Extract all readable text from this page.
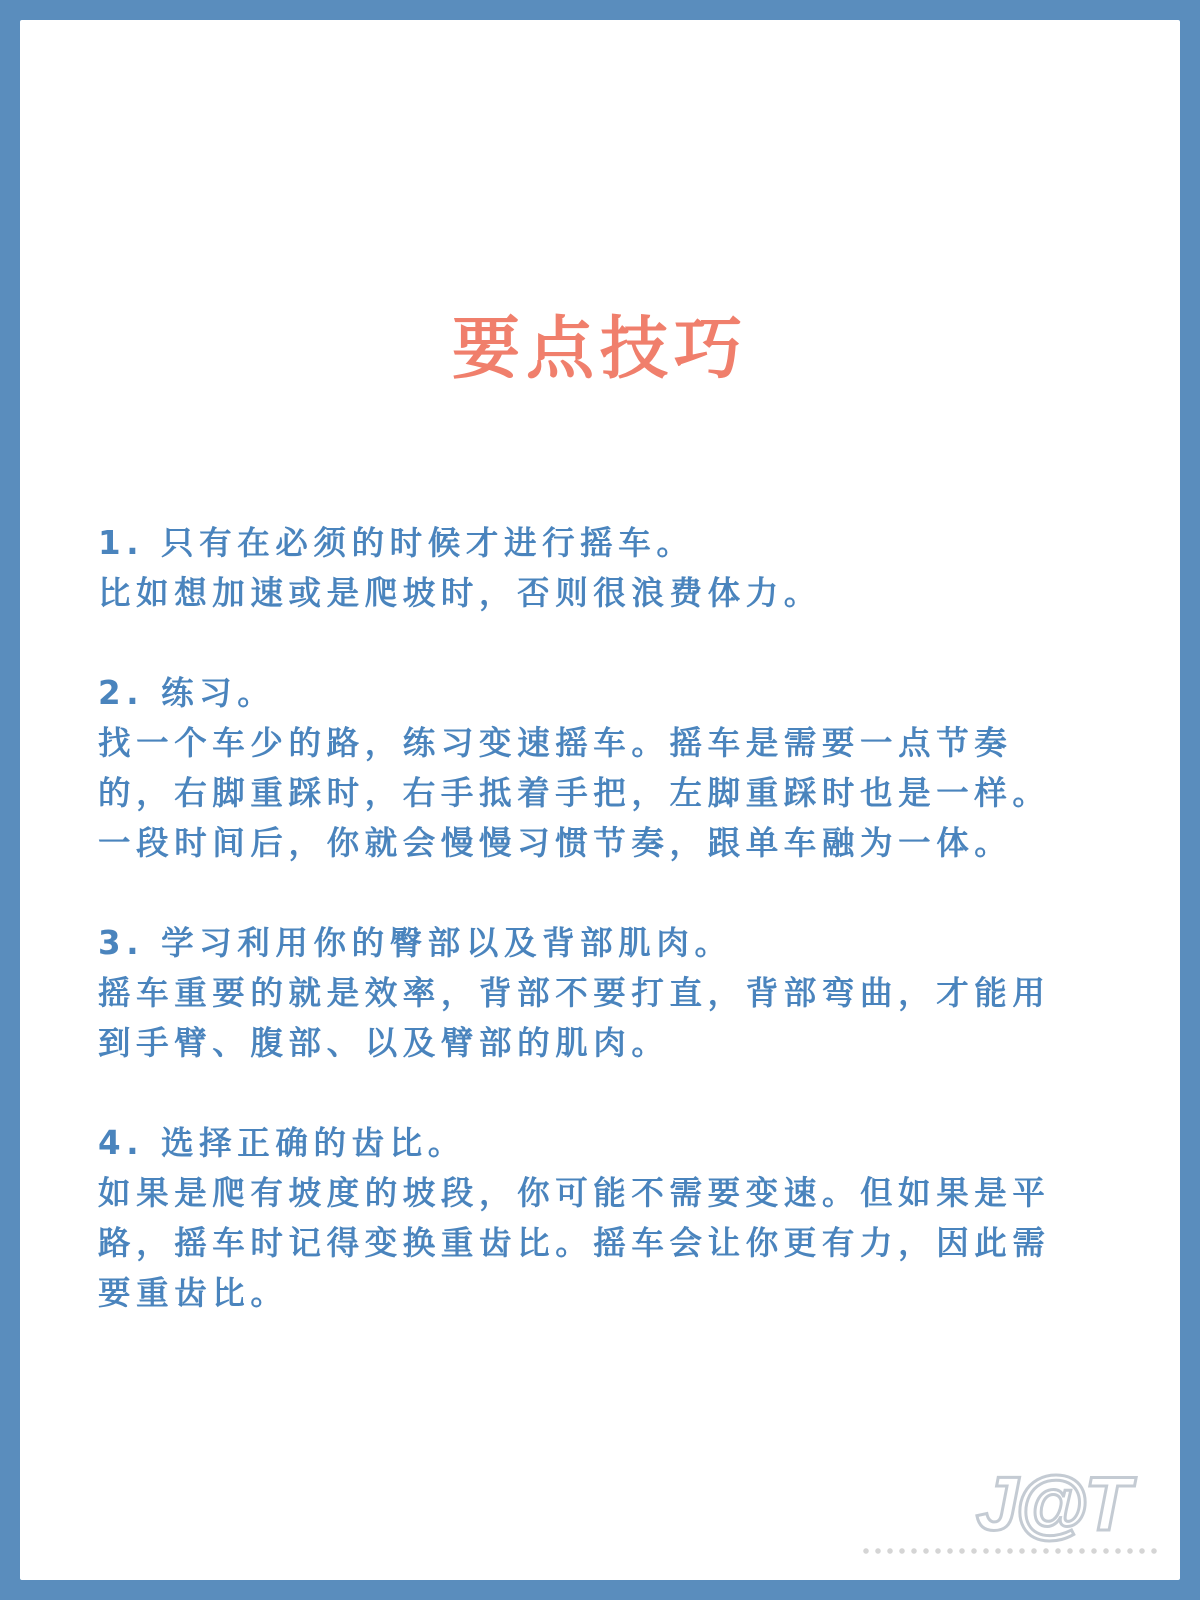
要点技巧

1. 只有在必须的时候才进行摇车。

比如想加速或是爬坡时，否则很浪费体力。

2. 练习。

找一个车少的路，练习变速摇车。摇车是需要一点节奏
的，右脚重踩时，右手抵着手把，左脚重踩时也是一样。
一段时间后，你就会慢慢习惯节奏，跟单车融为一体。

3. 学习利用你的臀部以及背部肌肉。

摇车重要的就是效率，背部不要打直，背部弯曲，才能用
到手臂、腹部、以及臂部的肌肉。

4. 选择正确的齿比。

如果是爬有坡度的坡段，你可能不需要变速。但如果是平
路，摇车时记得变换重齿比。摇车会让你更有力，因此需
要重齿比。

J@T
